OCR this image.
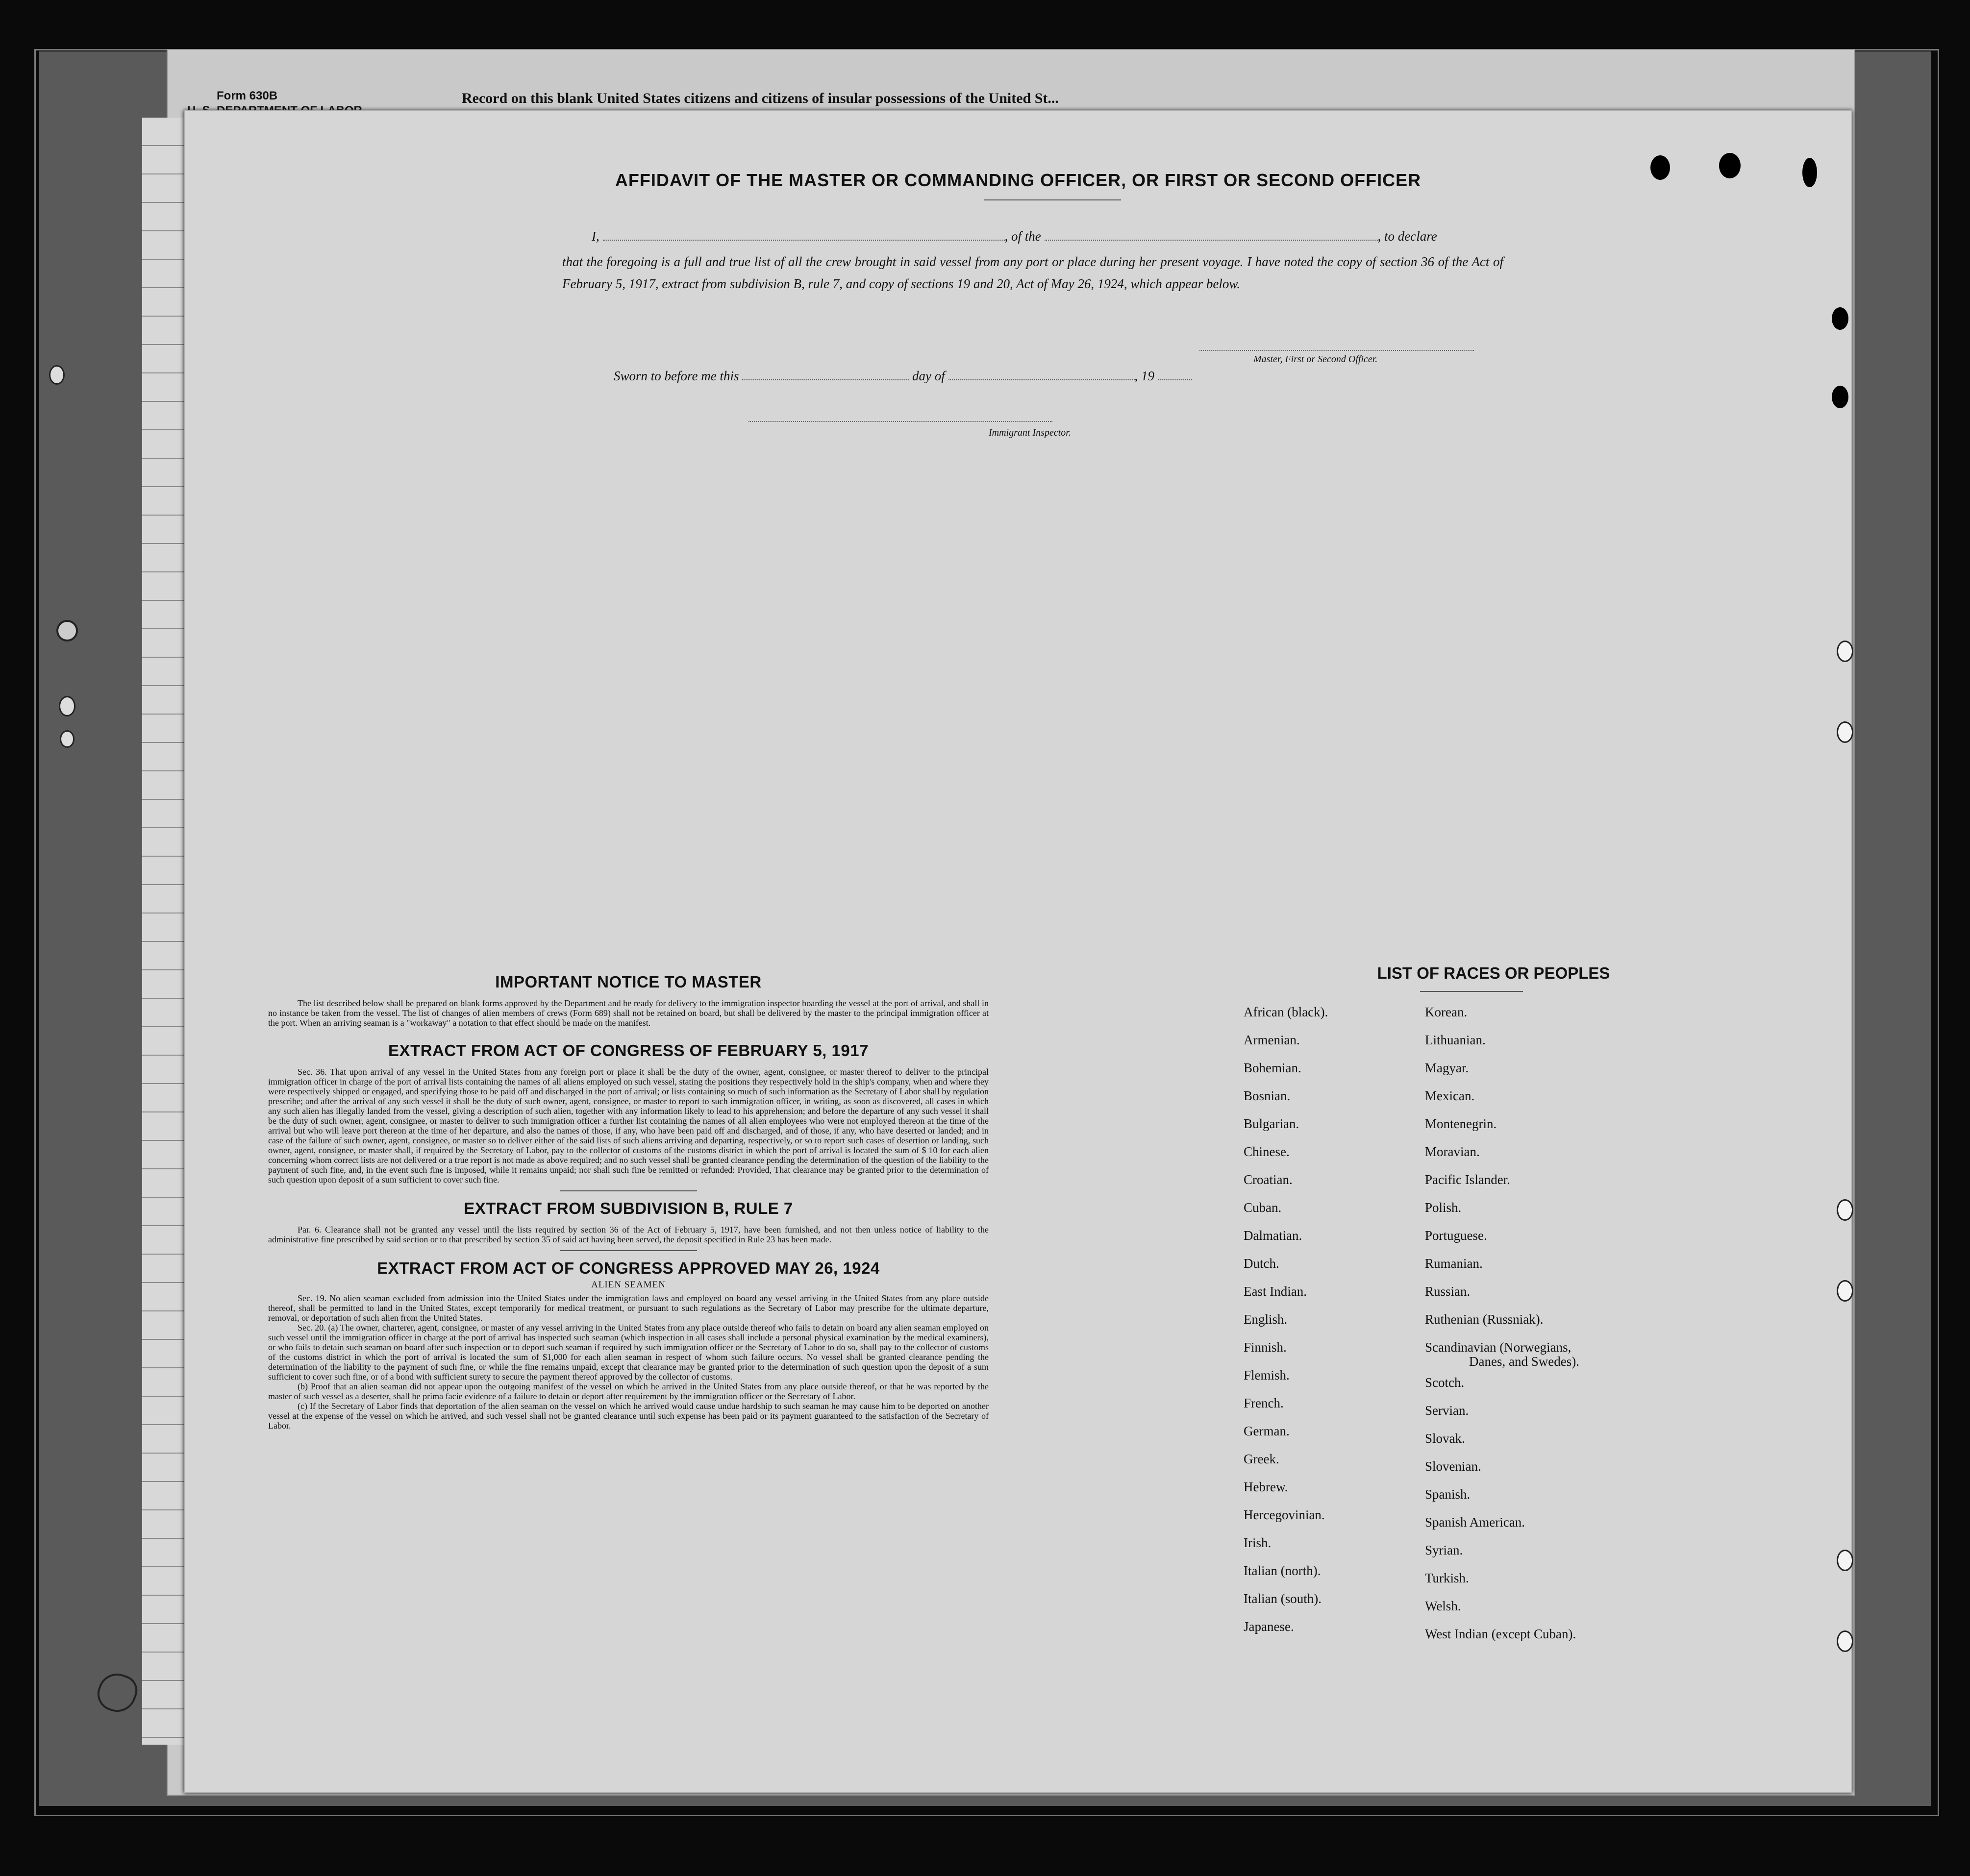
Form 630B	Record on this blank United States citizens and citizens of insular possessions of the United St...

AFFIDAVIT OF THE MASTER OR COMMANDING OFFICER, OR FIRST OR SECOND OFFICER
I,	, of the	, to declare
that the foregoing is a full and true list of all the crew brought in said vessel from any port or place during her present voyage. I have noted the copy of section 36 of the Act of February 5, 1917, extract from subdivision B, rule 7, and copy of sections 19 and 20, Act of May 26, 1924, which appear below.
Master, First or Second Officer.
Sworn to before me this	day of	, 19
Immigrant Inspector.
IMPORTANT NOTICE TO MASTER

The list described below shall be prepared on blank forms approved by the Department and be ready for delivery to the immigration inspector boarding the vessel at the port of arrival, and shall in no instance be taken from the vessel. The list of changes of alien members of crews (Form 689) shall not be retained on board, but shall be delivered by the master to the principal immigration officer at the port. When an arriving seaman is a "workaway" a notation to that effect should be made on the manifest.

EXTRACT FROM ACT OF CONGRESS OF FEBRUARY 5, 1917

Sec. 36. That upon arrival of any vessel in the United States from any foreign port or place it shall be the duty of the owner, agent, consignee, or master thereof to deliver to the principal immigration officer in charge of the port of arrival lists containing the names of all aliens employed on such vessel, stating the positions they respectively hold in the ship's company, when and where they were respectively shipped or engaged, and specifying those to be paid off and discharged in the port of arrival; or lists containing so much of such information as the Secretary of Labor shall by regulation prescribe; and after the arrival of any such vessel it shall be the duty of such owner, agent, consignee, or master to report to such immigration officer, in writing, as soon as discovered, all cases in which any such alien has illegally landed from the vessel, giving a description of such alien, together with any information likely to lead to his apprehension; and before the departure of any such vessel it shall be the duty of such owner, agent, consignee, or master to deliver to such immigration officer a further list containing the names of all alien employees who were not employed thereon at the time of the arrival but who will leave port thereon at the time of her departure, and also the names of those, if any, who have been paid off and discharged, and of those, if any, who have deserted or landed; and in case of the failure of such owner, agent, consignee, or master so to deliver either of the said lists of such aliens arriving and departing, respectively, or so to report such cases of desertion or landing, such owner, agent, consignee, or master shall, if required by the Secretary of Labor, pay to the collector of customs of the customs district in which the port of arrival is located the sum of $ 10 for each alien concerning whom correct lists are not delivered or a true report is not made as above required; and no such vessel shall be granted clearance pending the determination of the question of the liability to the payment of such fine, and, in the event such fine is imposed, while it remains unpaid; nor shall such fine be remitted or refunded: Provided, That clearance may be granted prior to the determination of such question upon deposit of a sum sufficient to cover such fine.

EXTRACT FROM SUBDIVISION B, RULE 7

Par. 6. Clearance shall not be granted any vessel until the lists required by section 36 of the Act of February 5, 1917, have been furnished, and not then unless notice of liability to the administrative fine prescribed by said section or to that prescribed by section 35 of said act having been served, the deposit specified in Rule 23 has been made.

EXTRACT FROM ACT OF CONGRESS APPROVED MAY 26, 1924
ALIEN SEAMEN

Sec. 19. No alien seaman excluded from admission into the United States under the immigration laws and employed on board any vessel arriving in the United States from any place outside thereof, shall be permitted to land in the United States, except temporarily for medical treatment, or pursuant to such regulations as the Secretary of Labor may prescribe for the ultimate departure, removal, or deportation of such alien from the United States.

Sec. 20. (a) The owner, charterer, agent, consignee, or master of any vessel arriving in the United States from any place outside thereof who fails to detain on board any alien seaman employed on such vessel until the immigration officer in charge at the port of arrival has inspected such seaman (which inspection in all cases shall include a personal physical examination by the medical examiners), or who fails to detain such seaman on board after such inspection or to deport such seaman if required by such immigration officer or the Secretary of Labor to do so, shall pay to the collector of customs of the customs district in which the port of arrival is located the sum of $1,000 for each alien seaman in respect of whom such failure occurs. No vessel shall be granted clearance pending the determination of the liability to the payment of such fine, or while the fine remains unpaid, except that clearance may be granted prior to the determination of such question upon the deposit of a sum sufficient to cover such fine, or of a bond with sufficient surety to secure the payment thereof approved by the collector of customs.

(b) Proof that an alien seaman did not appear upon the outgoing manifest of the vessel on which he arrived in the United States from any place outside thereof, or that he was reported by the master of such vessel as a deserter, shall be prima facie evidence of a failure to detain or deport after requirement by the immigration officer or the Secretary of Labor.

(c) If the Secretary of Labor finds that deportation of the alien seaman on the vessel on which he arrived would cause undue hardship to such seaman he may cause him to be deported on another vessel at the expense of the vessel on which he arrived, and such vessel shall not be granted clearance until such expense has been paid or its payment guaranteed to the satisfaction of the Secretary of Labor.

LIST OF RACES OR PEOPLES
African (black).
Armenian.
Bohemian.
Bosnian.
Bulgarian.
Chinese.
Croatian.
Cuban.
Dalmatian.
Dutch.
East Indian.
English.
Finnish.
Flemish.
French.
German.
Greek.
Hebrew.
Hercegovinian.
Irish.
Italian (north).
Italian (south).
Japanese.
Korean.
Lithuanian.
Magyar.
Mexican.
Montenegrin.
Moravian.
Pacific Islander.
Polish.
Portuguese.
Rumanian.
Russian.
Ruthenian (Russniak).
Scandinavian (Norwegians,
Danes, and Swedes).
Scotch.
Servian.
Slovak.
Slovenian.
Spanish.
Spanish American.
Syrian.
Turkish.
Welsh.
West Indian (except Cuban).
